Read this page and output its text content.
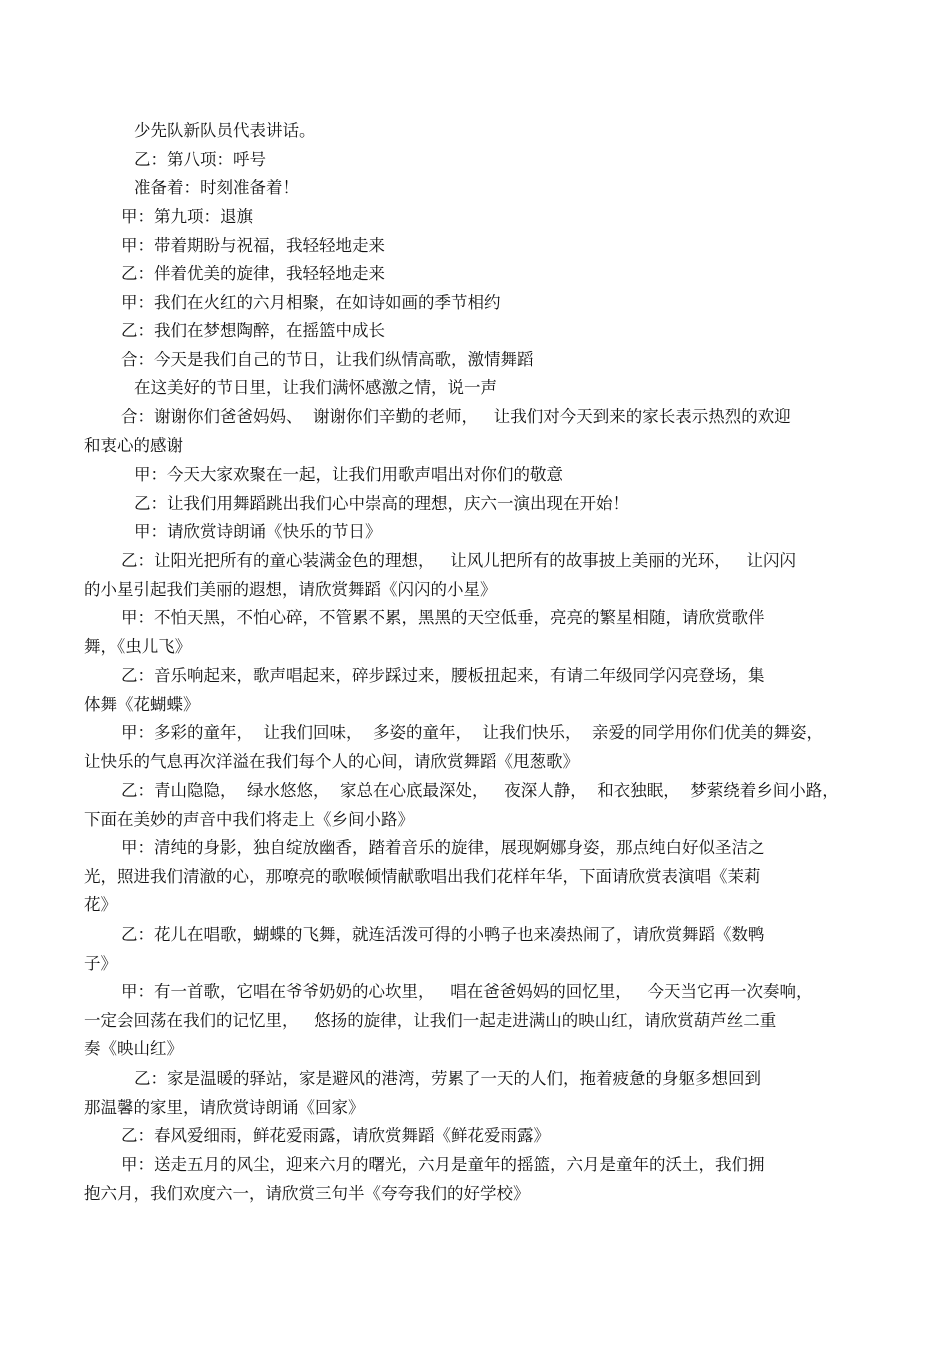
少先队新队员代表讲话。
乙：第八项：呼号
准备着：时刻准备着！
甲：第九项：退旗
甲：带着期盼与祝福，我轻轻地走来
乙：伴着优美的旋律，我轻轻地走来
甲：我们在火红的六月相聚，在如诗如画的季节相约
乙：我们在梦想陶醉，在摇篮中成长
合：今天是我们自己的节日，让我们纵情高歌，激情舞蹈
在这美好的节日里，让我们满怀感激之情，说一声
合：谢谢你们爸爸妈妈、  谢谢你们辛勤的老师，   让我们对今天到来的家长表示热烈的欢迎
和衷心的感谢
甲：今天大家欢聚在一起，让我们用歌声唱出对你们的敬意
乙：让我们用舞蹈跳出我们心中崇高的理想，庆六一演出现在开始！
甲：请欣赏诗朗诵《快乐的节日》
乙：让阳光把所有的童心装满金色的理想，   让风儿把所有的故事披上美丽的光环，   让闪闪
的小星引起我们美丽的遐想，请欣赏舞蹈《闪闪的小星》
甲：不怕天黑，不怕心碎，不管累不累，黑黑的天空低垂，亮亮的繁星相随，请欣赏歌伴
舞，《虫儿飞》
乙：音乐响起来，歌声唱起来，碎步踩过来，腰板扭起来，有请二年级同学闪亮登场，集
体舞《花蝴蝶》
甲：多彩的童年，  让我们回味，  多姿的童年，  让我们快乐，  亲爱的同学用你们优美的舞姿，
让快乐的气息再次洋溢在我们每个人的心间，请欣赏舞蹈《甩葱歌》
乙：青山隐隐，  绿水悠悠，  家总在心底最深处，   夜深人静，  和衣独眠，  梦萦绕着乡间小路，
下面在美妙的声音中我们将走上《乡间小路》
甲：清纯的身影，独自绽放幽香，踏着音乐的旋律，展现婀娜身姿，那点纯白好似圣洁之
光，照进我们清澈的心，那嘹亮的歌喉倾情献歌唱出我们花样年华，下面请欣赏表演唱《茉莉
花》
乙：花儿在唱歌，蝴蝶的飞舞，就连活泼可得的小鸭子也来凑热闹了，请欣赏舞蹈《数鸭
子》
甲：有一首歌，它唱在爷爷奶奶的心坎里，   唱在爸爸妈妈的回忆里，   今天当它再一次奏响，
一定会回荡在我们的记忆里，   悠扬的旋律，让我们一起走进满山的映山红，请欣赏葫芦丝二重
奏《映山红》
乙：家是温暖的驿站，家是避风的港湾，劳累了一天的人们，拖着疲惫的身躯多想回到
那温馨的家里，请欣赏诗朗诵《回家》
乙：春风爱细雨，鲜花爱雨露，请欣赏舞蹈《鲜花爱雨露》
甲：送走五月的风尘，迎来六月的曙光，六月是童年的摇篮，六月是童年的沃土，我们拥
抱六月，我们欢度六一，请欣赏三句半《夸夸我们的好学校》
